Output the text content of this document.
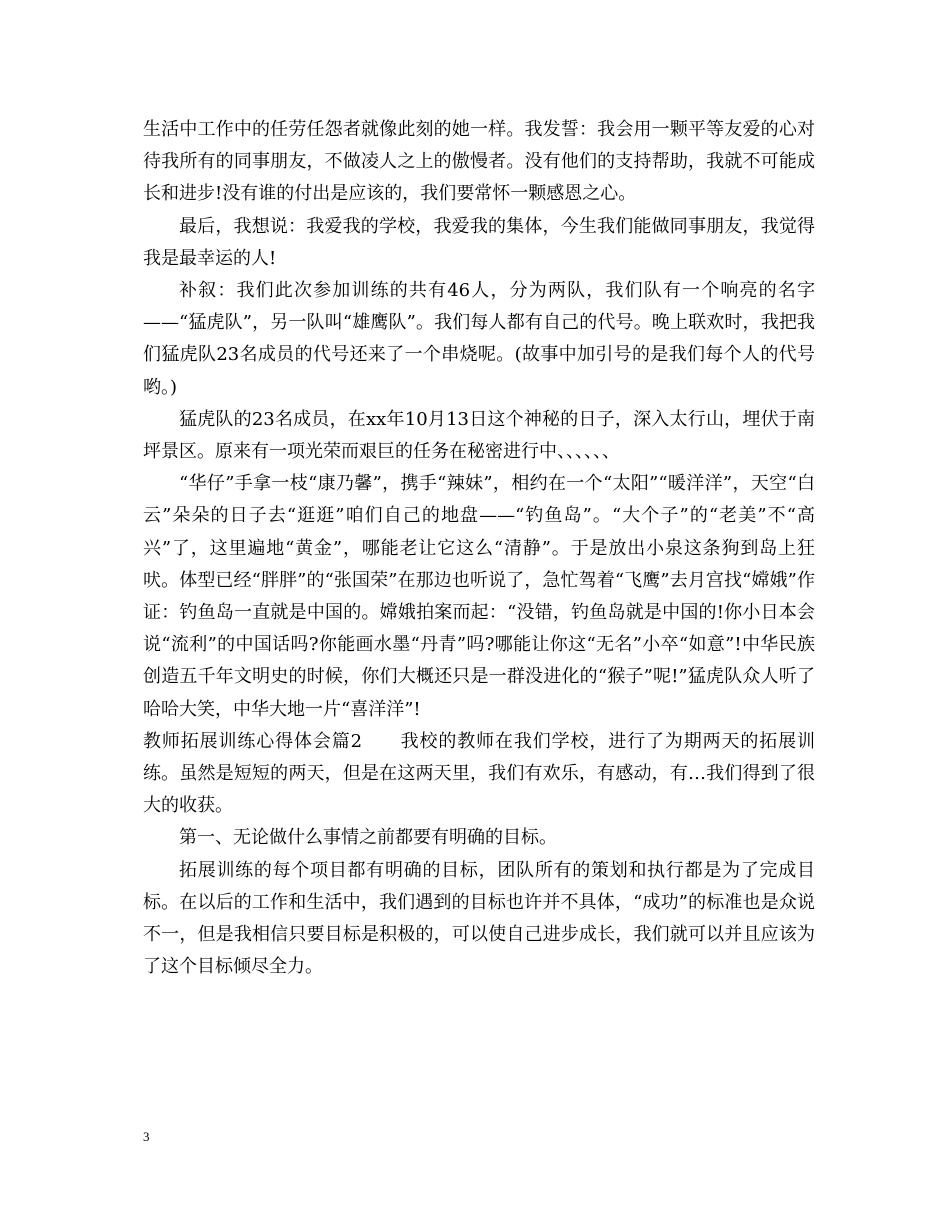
生活中工作中的任劳任怨者就像此刻的她一样。我发誓：我会用一颗平等友爱的心对待我所有的同事朋友，不做凌人之上的傲慢者。没有他们的支持帮助，我就不可能成长和进步!没有谁的付出是应该的，我们要常怀一颗感恩之心。

最后，我想说：我爱我的学校，我爱我的集体，今生我们能做同事朋友，我觉得我是最幸运的人!

补叙：我们此次参加训练的共有46人，分为两队，我们队有一个响亮的名字——“猛虎队”，另一队叫“雄鹰队”。我们每人都有自己的代号。晚上联欢时，我把我们猛虎队23名成员的代号还来了一个串烧呢。(故事中加引号的是我们每个人的代号哟。)

猛虎队的23名成员，在xx年10月13日这个神秘的日子，深入太行山，埋伏于南坪景区。原来有一项光荣而艰巨的任务在秘密进行中、、、、、、

“华仔”手拿一枝“康乃馨”，携手“辣妹”，相约在一个“太阳”“暖洋洋”，天空“白云”朵朵的日子去“逛逛”咱们自己的地盘——“钓鱼岛”。“大个子”的“老美”不“高兴”了，这里遍地“黄金”，哪能老让它这么“清静”。于是放出小泉这条狗到岛上狂吠。体型已经“胖胖”的“张国荣”在那边也听说了，急忙驾着“飞鹰”去月宫找“嫦娥”作证：钓鱼岛一直就是中国的。嫦娥拍案而起：“没错，钓鱼岛就是中国的!你小日本会说“流利”的中国话吗?你能画水墨“丹青”吗?哪能让你这“无名”小卒“如意”!中华民族创造五千年文明史的时候，你们大概还只是一群没进化的“猴子”呢!”猛虎队众人听了哈哈大笑，中华大地一片“喜洋洋”!

教师拓展训练心得体会篇2　　我校的教师在我们学校，进行了为期两天的拓展训练。虽然是短短的两天，但是在这两天里，我们有欢乐，有感动，有…我们得到了很大的收获。

第一、无论做什么事情之前都要有明确的目标。

拓展训练的每个项目都有明确的目标，团队所有的策划和执行都是为了完成目标。在以后的工作和生活中，我们遇到的目标也许并不具体，“成功”的标准也是众说不一，但是我相信只要目标是积极的，可以使自己进步成长，我们就可以并且应该为了这个目标倾尽全力。

3
